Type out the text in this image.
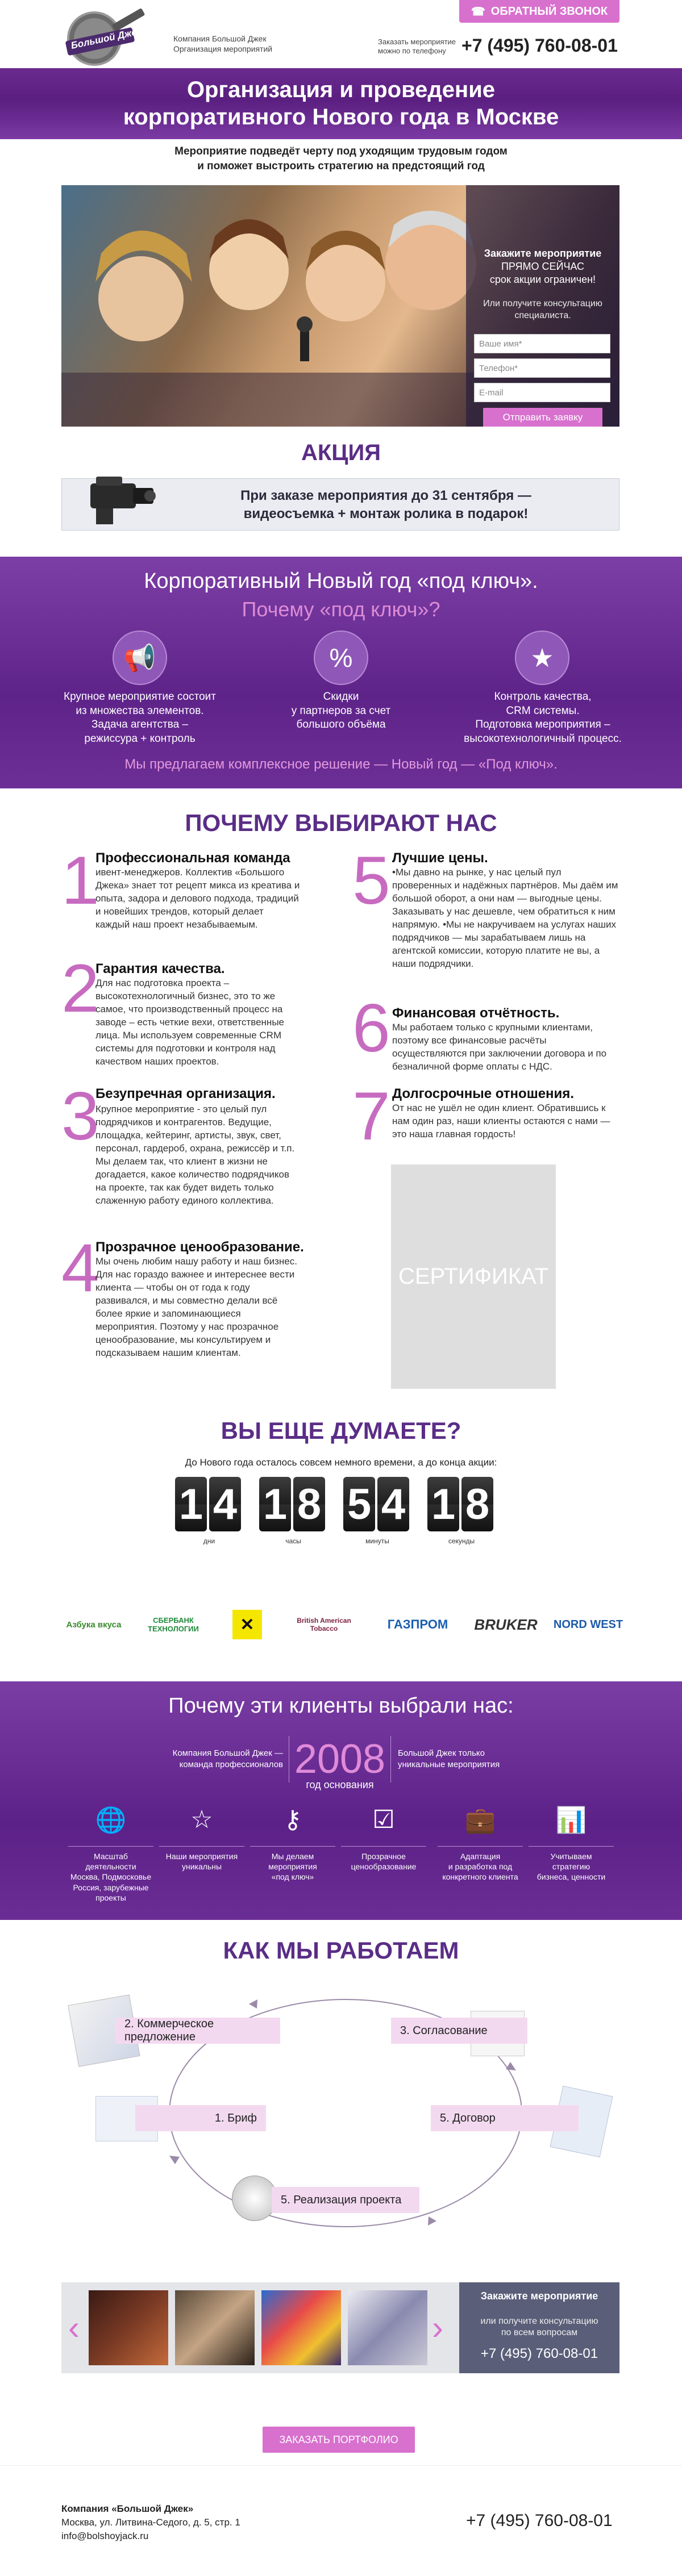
Большой Джек	Компания Большой Джек
Организация мероприятий
Заказать мероприятие
можно по телефону +7 (495) 760-08-01
☎ ОБРАТНЫЙ ЗВОНОК
Организация и проведение
корпоративного Нового года в Москве
Мероприятие подведёт черту под уходящим трудовым годом
и поможет выстроить стратегию на предстоящий год
Закажите мероприятие
ПРЯМО СЕЙЧАС
срок акции ограничен!
Или получите консультацию
специалиста.
Ваше имя*
Телефон*
E-mail
Отправить заявку
АКЦИЯ
При заказе мероприятия до 31 сентября —
видеосъемка + монтаж ролика в подарок!
Корпоративный Новый год «под ключ».
Почему «под ключ»?
📢
Крупное мероприятие состоит
из множества элементов.
Задача агентства –
режиссура + контроль
%
Скидки
у партнеров за счет
большого объёма
★
Контроль качества,
CRM системы.
Подготовка мероприятия –
высокотехнологичный процесс.
Мы предлагаем комплексное решение — Новый год — «Под ключ».
ПОЧЕМУ ВЫБИРАЮТ НАС
1
Профессиональная команда
ивент-менеджеров. Коллектив «Большого Джека» знает тот рецепт микса из креатива и опыта, задора и делового подхода, традиций и новейших трендов, который делает каждый наш проект незабываемым.
2
Гарантия качества.
Для нас подготовка проекта – высокотехнологичный бизнес, это то же самое, что производственный процесс на заводе – есть четкие вехи, ответственные лица. Мы используем современные CRM системы для подготовки и контроля над качеством наших проектов.
3
Безупречная организация.
Крупное мероприятие - это целый пул подрядчиков и контрагентов. Ведущие, площадка, кейтеринг, артисты, звук, свет, персонал, гардероб, охрана, режиссёр и т.п. Мы делаем так, что клиент в жизни не догадается, какое количество подрядчиков на проекте, так как будет видеть только слаженную работу единого коллектива.
4
Прозрачное ценообразование.
Мы очень любим нашу работу и наш бизнес. Для нас гораздо важнее и интереснее вести клиента — чтобы он от года к году развивался, и мы совместно делали всё более яркие и запоминающиеся мероприятия. Поэтому у нас прозрачное ценообразование, мы консультируем и подсказываем нашим клиентам.
5 Лучшие цены.
•Мы давно на рынке, у нас целый пул проверенных и надёжных партнёров. Мы даём им большой оборот, а они нам — выгодные цены. Заказывать у нас дешевле, чем обратиться к ним напрямую. •Мы не накручиваем на услугах наших подрядчиков — мы зарабатываем лишь на агентской комиссии, которую платите не вы, а наши подрядчики.
6 Финансовая отчётность.
Мы работаем только с крупными клиентами, поэтому все финансовые расчёты осуществляются при заключении договора и по безналичной форме оплаты с НДС.
7 Долгосрочные отношения.
От нас не ушёл не один клиент. Обратившись к нам один раз, наши клиенты остаются с нами — это наша главная гордость!
СЕРТИФИКАТ
ВЫ ЕЩЕ ДУМАЕТЕ?
До Нового года осталось совсем немного времени, а до конца акции:
1 4
дни
1 8
часы
5 4
минуты
1 8
секунды
Азбука вкуса	СБЕРБАНК ТЕХНОЛОГИИ	✕	British American Tobacco	ГАЗПРОМ	BRUKER	NORD WEST
Почему эти клиенты выбрали нас:
Компания Большой Джек —
команда профессионалов 2008
год основания
Большой Джек только
уникальные мероприятия
🌐
Масштаб деятельности
Москва, Подмосковье
Россия, зарубежные проекты
☆
Наши мероприятия
уникальны
⚷
Мы делаем
мероприятия
«под ключ»
☑
Прозрачное
ценообразование
💼
Адаптация
и разработка под
конкретного клиента
📊
Учитываем
стратегию
бизнеса, ценности
КАК МЫ РАБОТАЕМ
2. Коммерческое предложение
3. Согласование
1. Бриф	5. Договор
5. Реализация проекта
‹	›
Закажите мероприятие
или получите консультацию
по всем вопросам
+7 (495) 760-08-01
ЗАКАЗАТЬ ПОРТФОЛИО
Компания «Большой Джек»
Москва, ул. Литвина-Седого, д. 5, стр. 1
info@bolshoyjack.ru
+7 (495) 760-08-01
